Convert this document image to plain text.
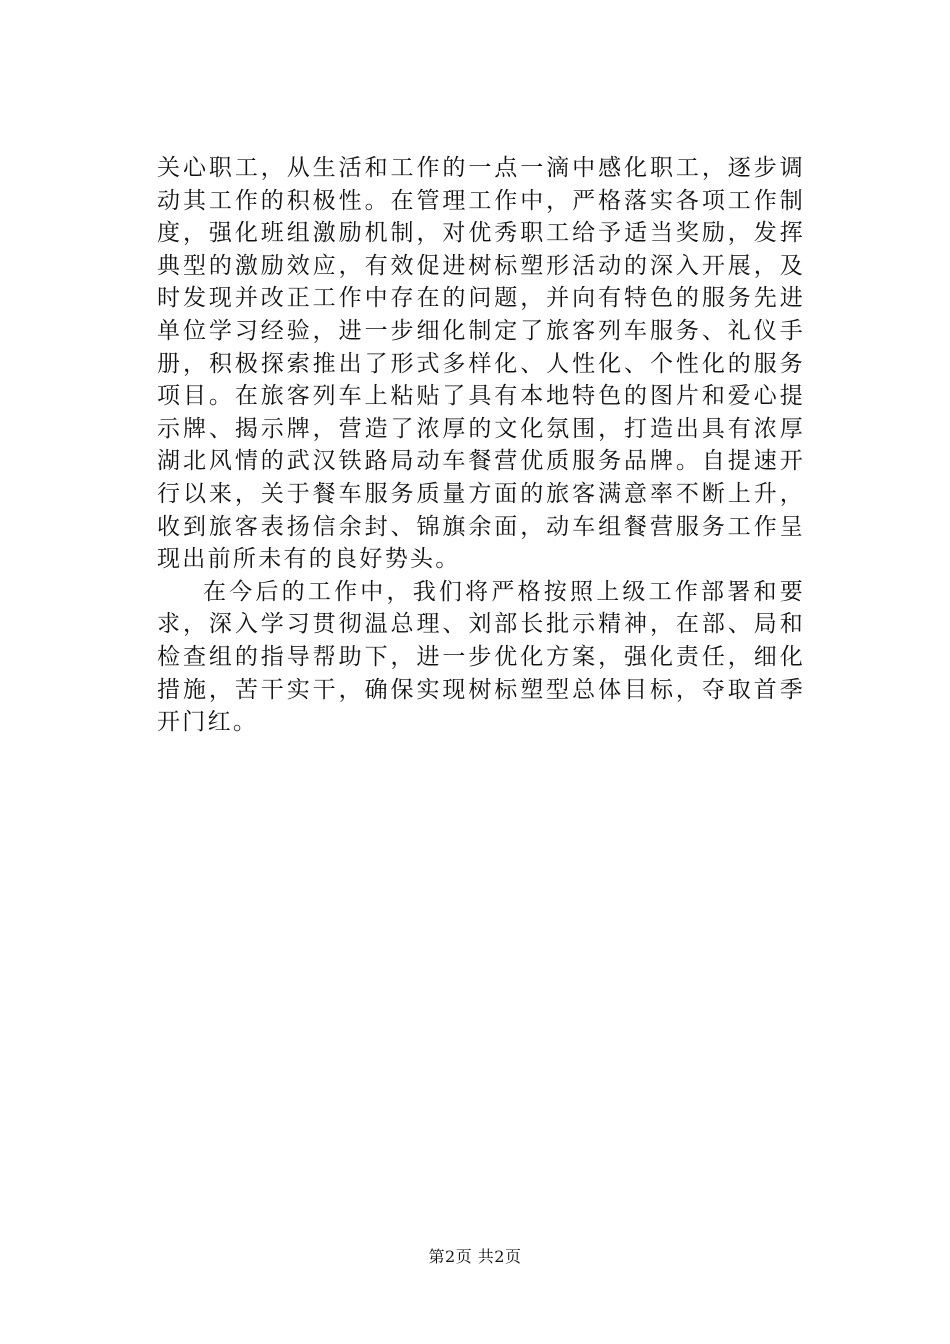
关心职工，从生活和工作的一点一滴中感化职工，逐步调动其工作的积极性。在管理工作中，严格落实各项工作制度，强化班组激励机制，对优秀职工给予适当奖励，发挥典型的激励效应，有效促进树标塑形活动的深入开展，及时发现并改正工作中存在的问题，并向有特色的服务先进单位学习经验，进一步细化制定了旅客列车服务、礼仪手册，积极探索推出了形式多样化、人性化、个性化的服务项目。在旅客列车上粘贴了具有本地特色的图片和爱心提示牌、揭示牌，营造了浓厚的文化氛围，打造出具有浓厚湖北风情的武汉铁路局动车餐营优质服务品牌。自提速开行以来，关于餐车服务质量方面的旅客满意率不断上升，收到旅客表扬信余封、锦旗余面，动车组餐营服务工作呈现出前所未有的良好势头。

在今后的工作中，我们将严格按照上级工作部署和要求，深入学习贯彻温总理、刘部长批示精神，在部、局和检查组的指导帮助下，进一步优化方案，强化责任，细化措施，苦干实干，确保实现树标塑型总体目标，夺取首季开门红。

第2页 共2页
